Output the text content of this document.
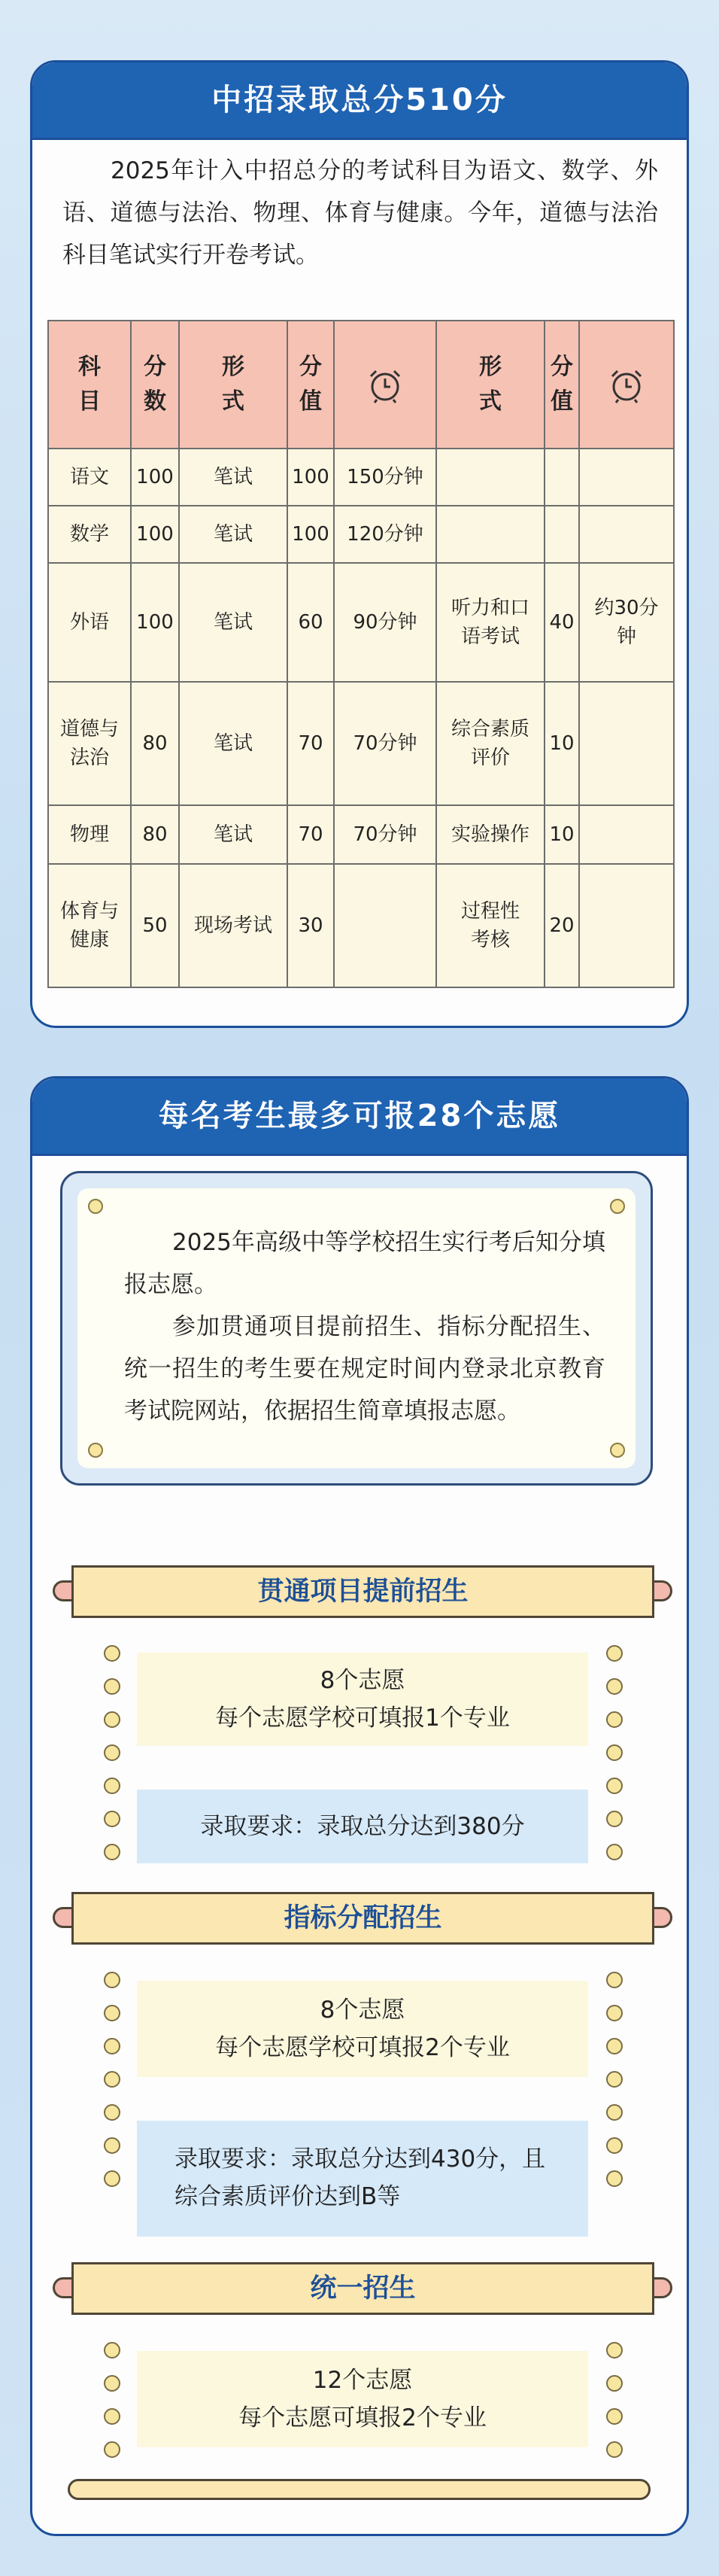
中招录取总分510分
2025年计入中招总分的考试科目为语文、数学、外语、道德与法治、物理、体育与健康。今年，道德与法治科目笔试实行开卷考试。
科目	分数	形式	分值		形式	分值	

语文	100	笔试	100	150分钟			
数学	100	笔试	100	120分钟			
外语	100	笔试	60	90分钟	听力和口语考试	40	约30分钟
道德与法治	80	笔试	70	70分钟	综合素质评价	10	
物理	80	笔试	70	70分钟	实验操作	10	
体育与健康	50	现场考试	30		过程性考核	20	
每名考生最多可报28个志愿
2025年高级中等学校招生实行考后知分填报志愿。
参加贯通项目提前招生、指标分配招生、统一招生的考生要在规定时间内登录北京教育考试院网站，依据招生简章填报志愿。
贯通项目提前招生
8个志愿
每个志愿学校可填报1个专业
录取要求：录取总分达到380分
指标分配招生
8个志愿
每个志愿学校可填报2个专业
录取要求：录取总分达到430分，且综合素质评价达到B等
统一招生
12个志愿
每个志愿可填报2个专业
